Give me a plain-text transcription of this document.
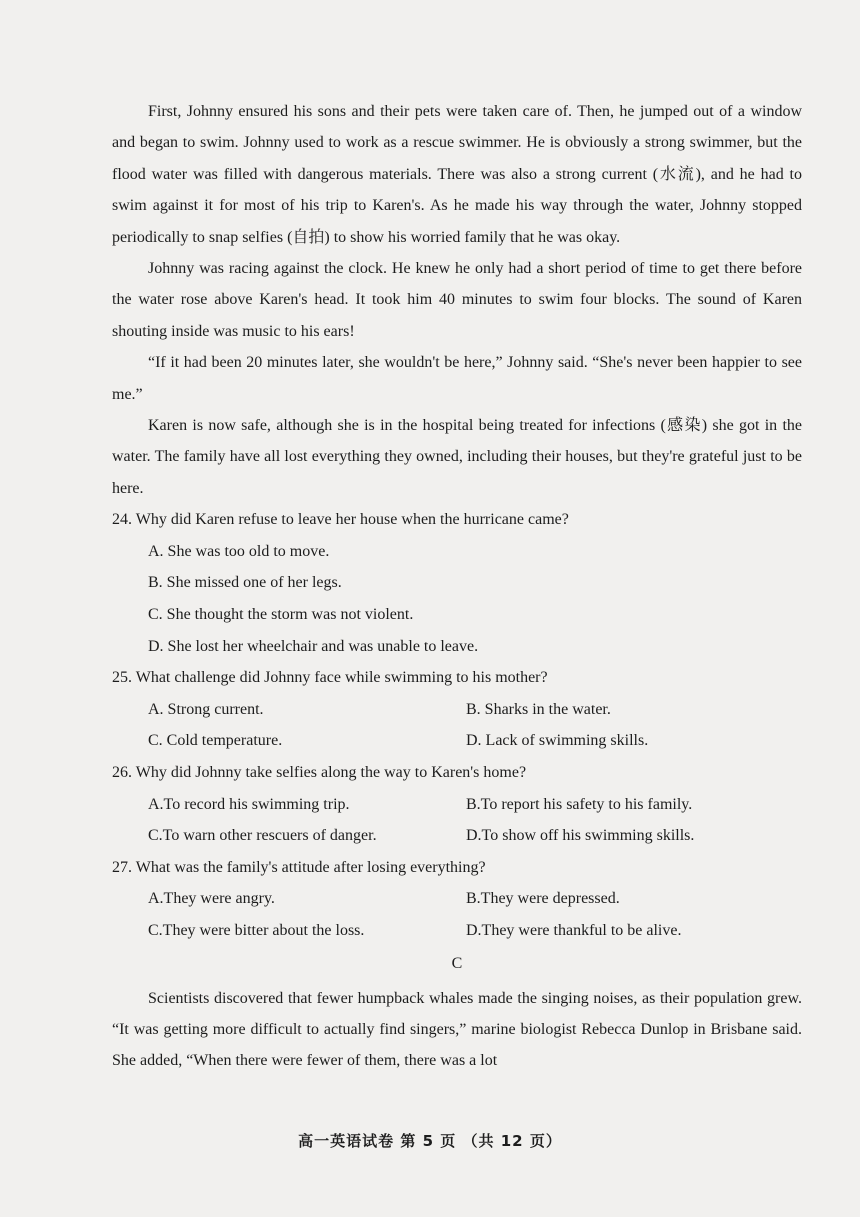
First, Johnny ensured his sons and their pets were taken care of. Then, he jumped out of a window and began to swim. Johnny used to work as a rescue swimmer. He is obviously a strong swimmer, but the flood water was filled with dangerous materials. There was also a strong current (水流), and he had to swim against it for most of his trip to Karen's. As he made his way through the water, Johnny stopped periodically to snap selfies (自拍) to show his worried family that he was okay.

Johnny was racing against the clock. He knew he only had a short period of time to get there before the water rose above Karen's head. It took him 40 minutes to swim four blocks. The sound of Karen shouting inside was music to his ears!

“If it had been 20 minutes later, she wouldn't be here,” Johnny said. “She's never been happier to see me.”

Karen is now safe, although she is in the hospital being treated for infections (感染) she got in the water. The family have all lost everything they owned, including their houses, but they're grateful just to be here.

24. Why did Karen refuse to leave her house when the hurricane came?

A. She was too old to move.

B. She missed one of her legs.

C. She thought the storm was not violent.

D. She lost her wheelchair and was unable to leave.

25. What challenge did Johnny face while swimming to his mother?

A. Strong current.	B. Sharks in the water.
C. Cold temperature.	D. Lack of swimming skills.

26. Why did Johnny take selfies along the way to Karen's home?

A.To record his swimming trip.	B.To report his safety to his family.
C.To warn other rescuers of danger.	D.To show off his swimming skills.

27. What was the family's attitude after losing everything?

A.They were angry.	B.They were depressed.
C.They were bitter about the loss.	D.They were thankful to be alive.
C

Scientists discovered that fewer humpback whales made the singing noises, as their population grew. “It was getting more difficult to actually find singers,” marine biologist Rebecca Dunlop in Brisbane said. She added, “When there were fewer of them, there was a lot

高一英语试卷 第 5 页 （共 12 页）
